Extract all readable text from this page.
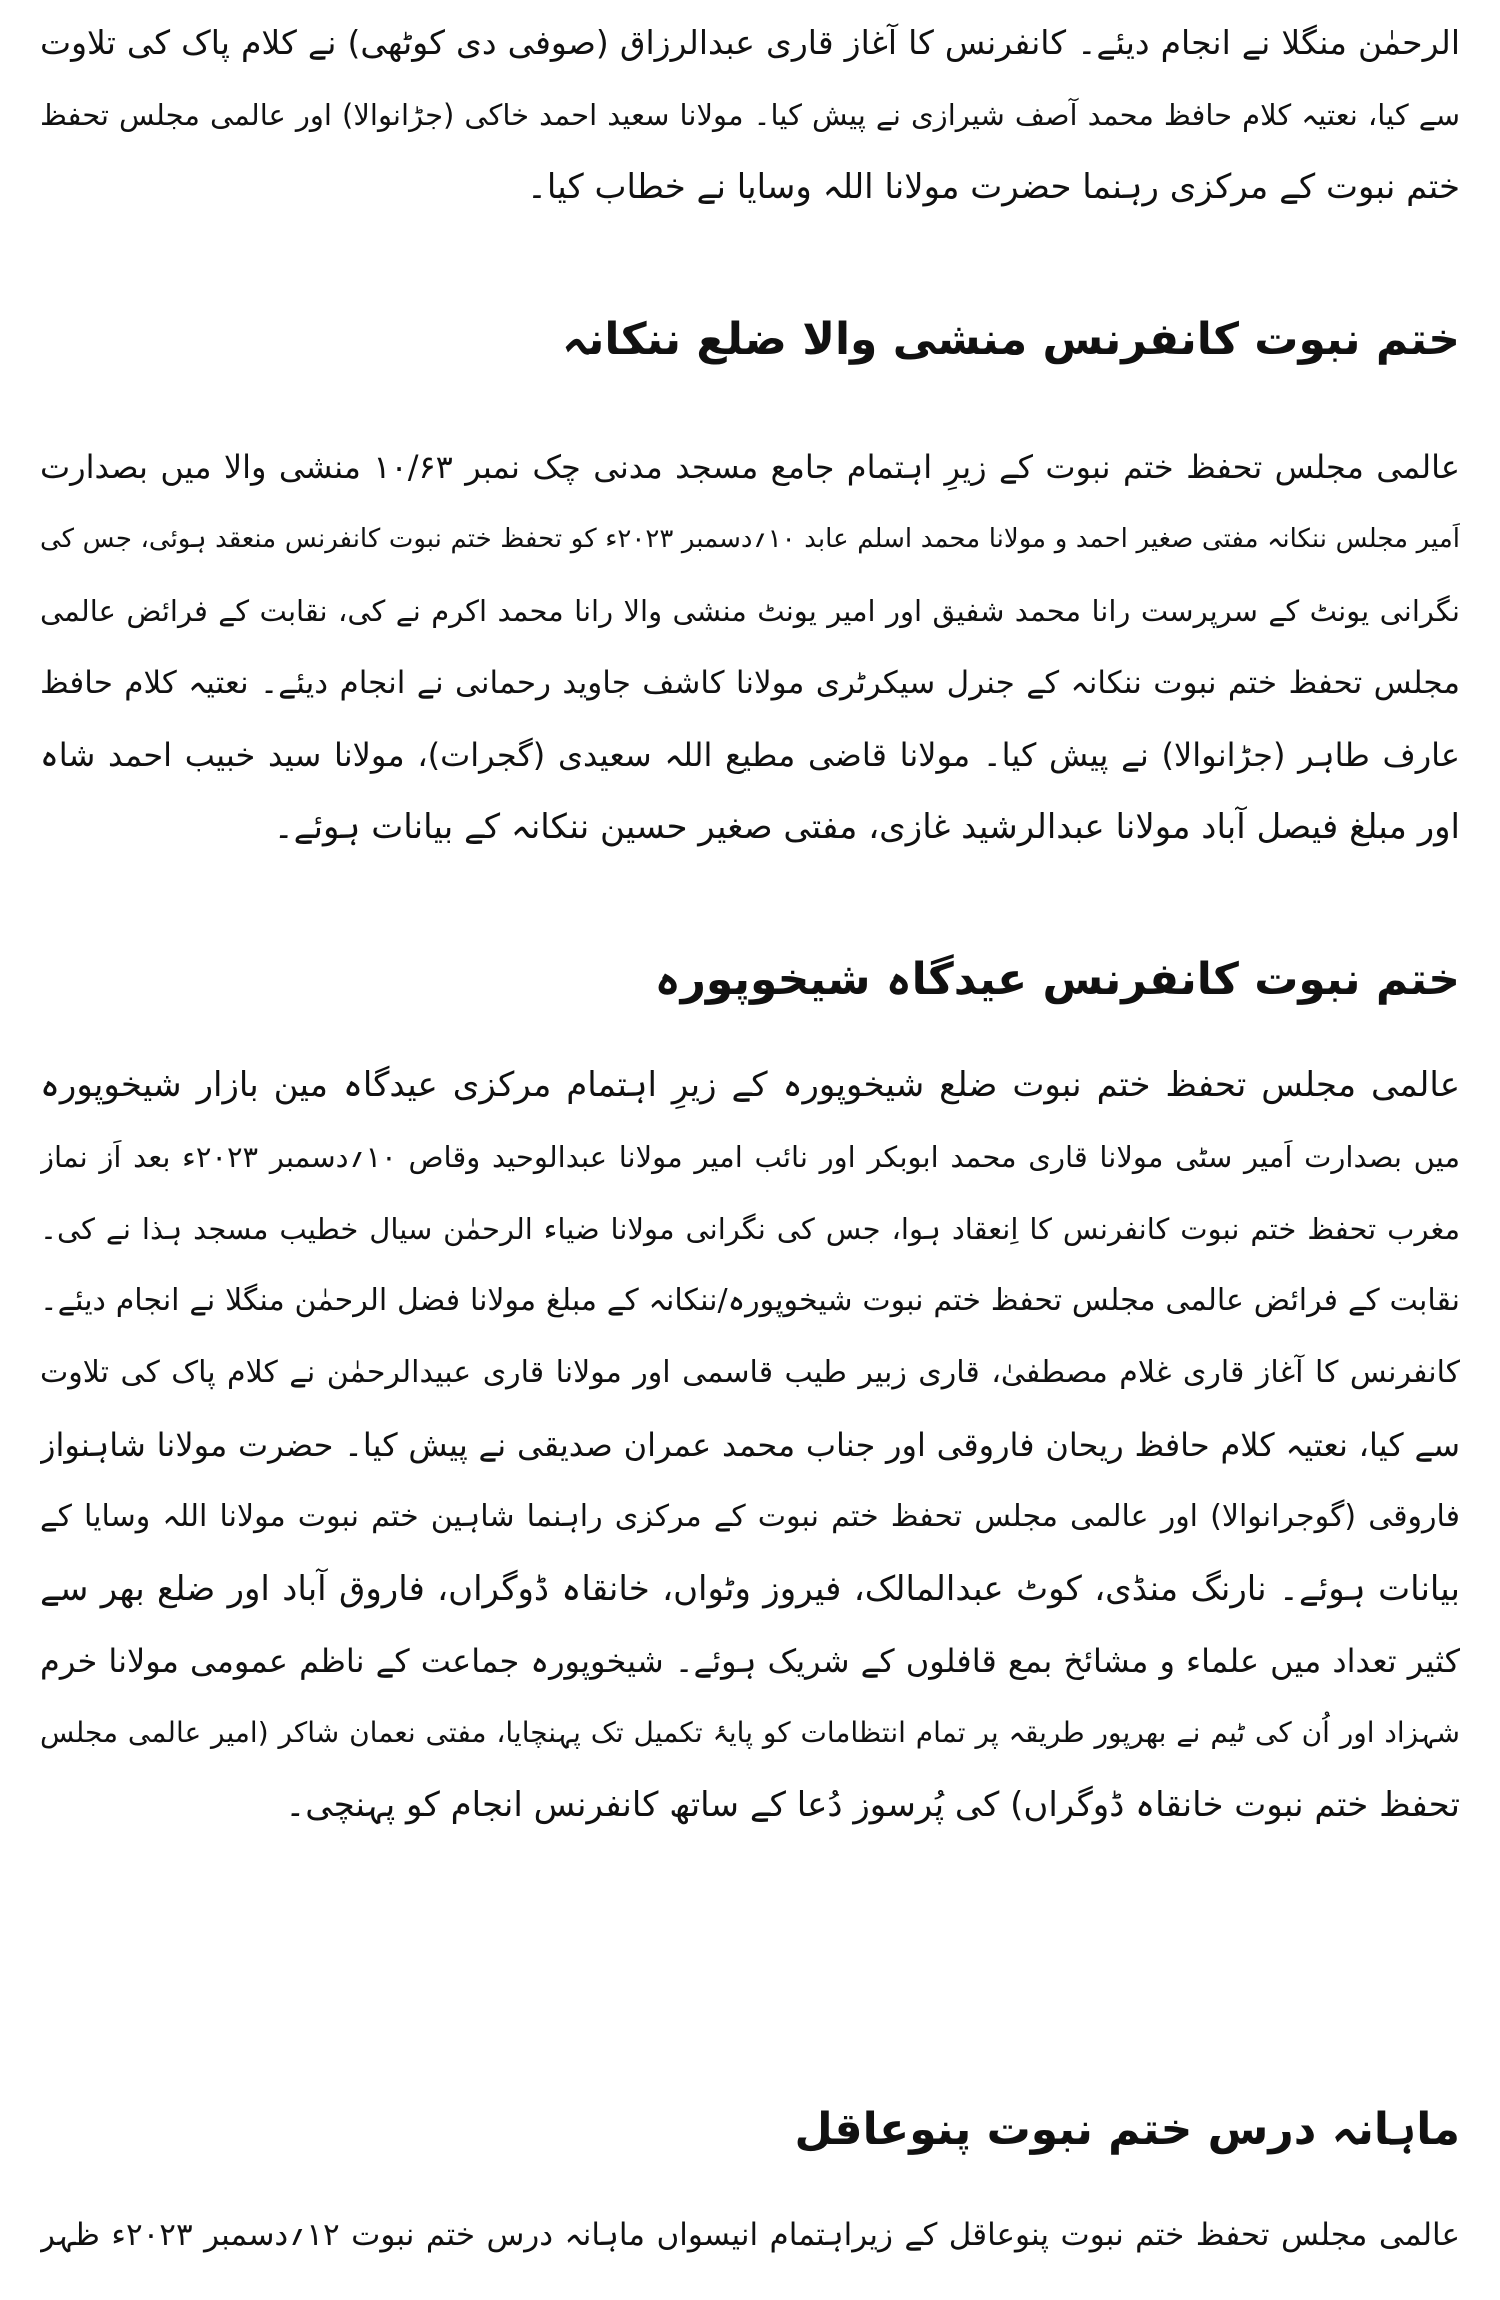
الرحمٰن منگلا نے انجام دیئے۔ کانفرنس کا آغاز قاری عبدالرزاق (صوفی دی کوٹھی) نے کلام پاک کی تلاوت
سے کیا، نعتیہ کلام حافظ محمد آصف شیرازی نے پیش کیا۔ مولانا سعید احمد خاکی (جڑانوالا) اور عالمی مجلس تحفظ
ختم نبوت کے مرکزی رہنما حضرت مولانا اللہ وسایا نے خطاب کیا۔
ختم نبوت کانفرنس منشی والا ضلع ننکانہ
عالمی مجلس تحفظ ختم نبوت کے زیرِ اہتمام جامع مسجد مدنی چک نمبر ۱۰/۶۳ منشی والا میں بصدارت
اَمیر مجلس ننکانہ مفتی صغیر احمد و مولانا محمد اسلم عابد ۱۰؍دسمبر ۲۰۲۳ء کو تحفظ ختم نبوت کانفرنس منعقد ہوئی، جس کی
نگرانی یونٹ کے سرپرست رانا محمد شفیق اور امیر یونٹ منشی والا رانا محمد اکرم نے کی، نقابت کے فرائض عالمی
مجلس تحفظ ختم نبوت ننکانہ کے جنرل سیکرٹری مولانا کاشف جاوید رحمانی نے انجام دیئے۔ نعتیہ کلام حافظ
عارف طاہر (جڑانوالا) نے پیش کیا۔ مولانا قاضی مطیع اللہ سعیدی (گجرات)، مولانا سید خبیب احمد شاہ
اور مبلغ فیصل آباد مولانا عبدالرشید غازی، مفتی صغیر حسین ننکانہ کے بیانات ہوئے۔
ختم نبوت کانفرنس عیدگاہ شیخوپورہ
عالمی مجلس تحفظ ختم نبوت ضلع شیخوپورہ کے زیرِ اہتمام مرکزی عیدگاہ مین بازار شیخوپورہ
میں بصدارت اَمیر سٹی مولانا قاری محمد ابوبکر اور نائب امیر مولانا عبدالوحید وقاص ۱۰؍دسمبر ۲۰۲۳ء بعد اَز نماز
مغرب تحفظ ختم نبوت کانفرنس کا اِنعقاد ہوا، جس کی نگرانی مولانا ضیاء الرحمٰن سیال خطیب مسجد ہذا نے کی۔
نقابت کے فرائض عالمی مجلس تحفظ ختم نبوت شیخوپورہ/ننکانہ کے مبلغ مولانا فضل الرحمٰن منگلا نے انجام دیئے۔
کانفرنس کا آغاز قاری غلام مصطفیٰ، قاری زبیر طیب قاسمی اور مولانا قاری عبیدالرحمٰن نے کلام پاک کی تلاوت
سے کیا، نعتیہ کلام حافظ ریحان فاروقی اور جناب محمد عمران صدیقی نے پیش کیا۔ حضرت مولانا شاہنواز
فاروقی (گوجرانوالا) اور عالمی مجلس تحفظ ختم نبوت کے مرکزی راہنما شاہین ختم نبوت مولانا اللہ وسایا کے
بیانات ہوئے۔ نارنگ منڈی، کوٹ عبدالمالک، فیروز وٹواں، خانقاہ ڈوگراں، فاروق آباد اور ضلع بھر سے
کثیر تعداد میں علماء و مشائخ بمع قافلوں کے شریک ہوئے۔ شیخوپورہ جماعت کے ناظم عمومی مولانا خرم
شہزاد اور اُن کی ٹیم نے بھرپور طریقہ پر تمام انتظامات کو پایۂ تکمیل تک پہنچایا، مفتی نعمان شاکر (امیر عالمی مجلس
تحفظ ختم نبوت خانقاہ ڈوگراں) کی پُرسوز دُعا کے ساتھ کانفرنس انجام کو پہنچی۔
ماہانہ درس ختم نبوت پنوعاقل
عالمی مجلس تحفظ ختم نبوت پنوعاقل کے زیراہتمام انیسواں ماہانہ درس ختم نبوت ۱۲؍دسمبر ۲۰۲۳ء ظہر
